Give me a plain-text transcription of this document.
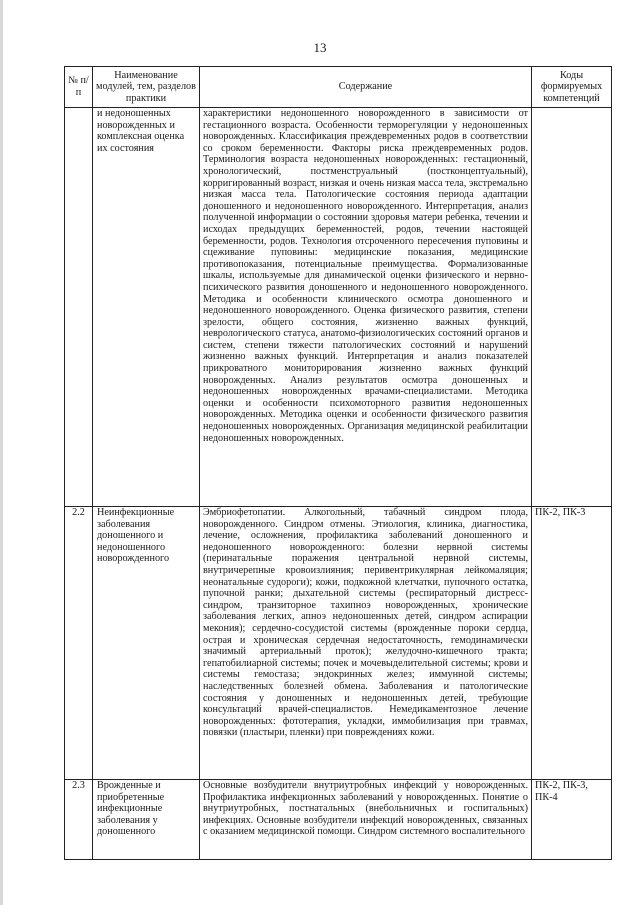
13
№ п/п	Наименование модулей, тем, разделов практики	Содержание	Коды формируемых компетенций
	и недоношенных новорожденных и комплексная оценка их состояния	характеристики недоношенного новорожденного в зависимости от гестационного возраста. Особенности терморегуляции у недоношенных новорожденных. Классификация преждевременных родов в соответствии со сроком беременности. Факторы риска преждевременных родов. Терминология возраста недоношенных новорожденных: гестационный, хронологический, постменструальный (постконцептуальный), корригированный возраст, низкая и очень низкая масса тела, экстремально низкая масса тела. Патологические состояния периода адаптации доношенного и недоношенного новорожденного. Интерпретация, анализ полученной информации о состоянии здоровья матери ребенка, течении и исходах предыдущих беременностей, родов, течении настоящей беременности, родов. Технология отсроченного пересечения пуповины и сцеживание пуповины: медицинские показания, медицинские противопоказания, потенциальные преимущества. Формализованные шкалы, используемые для динамической оценки физического и нервно-психического развития доношенного и недоношенного новорожденного. Методика и особенности клинического осмотра доношенного и недоношенного новорожденного. Оценка физического развития, степени зрелости, общего состояния, жизненно важных функций, неврологического статуса, анатомо-физиологических состояний органов и систем, степени тяжести патологических состояний и нарушений жизненно важных функций. Интерпретация и анализ показателей прикроватного мониторирования жизненно важных функций новорожденных. Анализ результатов осмотра доношенных и недоношенных новорожденных врачами-специалистами. Методика оценки и особенности психомоторного развития недоношенных новорожденных. Методика оценки и особенности физического развития недоношенных новорожденных. Организация медицинской реабилитации недоношенных новорожденных.	
2.2	Неинфекционные заболевания доношенного и недоношенного новорожденного	Эмбриофетопатии. Алкогольный, табачный синдром плода, новорожденного. Синдром отмены. Этиология, клиника, диагностика, лечение, осложнения, профилактика заболеваний доношенного и недоношенного новорожденного: болезни нервной системы (перинатальные поражения центральной нервной системы, внутричерепные кровоизлияния; перивентрикулярная лейкомаляция; неонатальные судороги); кожи, подкожной клетчатки, пупочного остатка, пупочной ранки; дыхательной системы (респираторный дистресс-синдром, транзиторное тахипноэ новорожденных, хронические заболевания легких, апноэ недоношенных детей, синдром аспирации мекония); сердечно-сосудистой системы (врожденные пороки сердца, острая и хроническая сердечная недостаточность, гемодинамически значимый артериальный проток); желудочно-кишечного тракта; гепатобилиарной системы; почек и мочевыделительной системы; крови и системы гемостаза; эндокринных желез; иммунной системы; наследственных болезней обмена. Заболевания и патологические состояния у доношенных и недоношенных детей, требующие консультаций врачей-специалистов. Немедикаментозное лечение новорожденных: фототерапия, укладки, иммобилизация при травмах, повязки (пластыри, пленки) при повреждениях кожи.	ПК-2, ПК-3
2.3	Врожденные и приобретенные инфекционные заболевания у доношенного	Основные возбудители внутриутробных инфекций у новорожденных. Профилактика инфекционных заболеваний у новорожденных. Понятие о внутриутробных, постнатальных (внебольничных и госпитальных) инфекциях. Основные возбудители инфекций новорожденных, связанных с оказанием медицинской помощи. Синдром системного воспалительного	ПК-2, ПК-3, ПК-4
